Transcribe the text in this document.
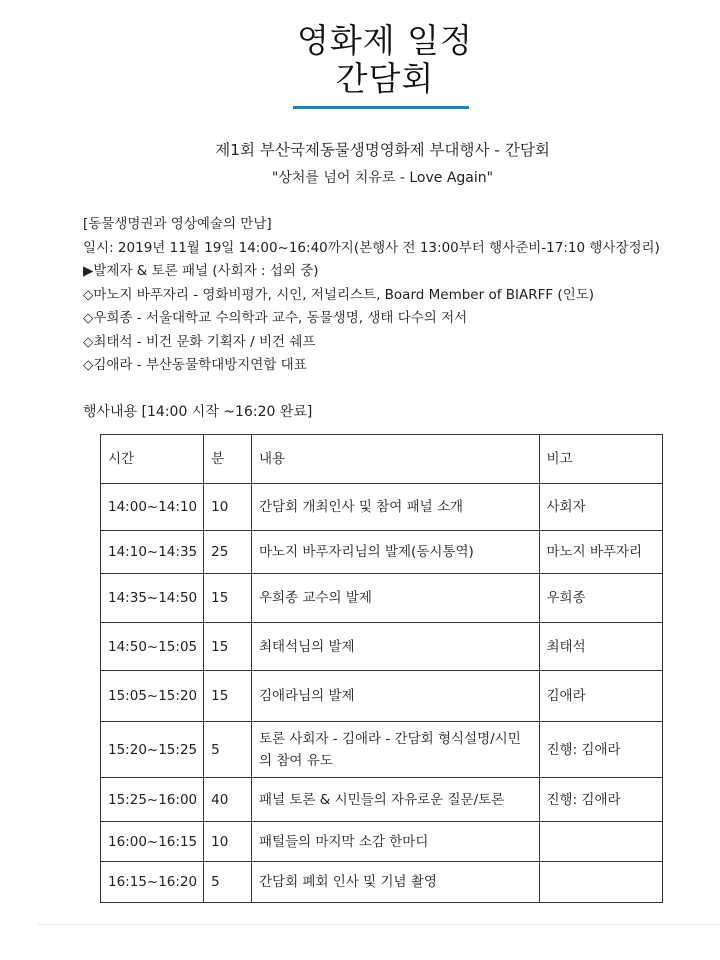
영화제 일정
간담회
제1회 부산국제동물생명영화제 부대행사 - 간담회
"상처를 넘어 치유로 - Love Again"
[동물생명권과 영상예술의 만남]
일시: 2019년 11월 19일 14:00~16:40까지(본행사 전 13:00부터 행사준비-17:10 행사장정리)
▶발제자 & 토론 패널 (사회자 : 섭외 중)
◇마노지 바푸자리 - 영화비평가, 시인, 저널리스트, Board Member of BIARFF (인도)
◇우희종 - 서울대학교 수의학과 교수, 동물생명, 생태 다수의 저서
◇최태석 - 비건 문화 기획자 / 비건 쉐프
◇김애라 - 부산동물학대방지연합 대표
행사내용 [14:00 시작 ~16:20 완료]
시간	분	내용	비고
14:00~14:10	10	간담회 개최인사 및 참여 패널 소개	사회자
14:10~14:35	25	마노지 바푸자리님의 발제(동시통역)	마노지 바푸자리
14:35~14:50	15	우희종 교수의 발제	우희종
14:50~15:05	15	최태석님의 발제	최태석
15:05~15:20	15	김애라님의 발제	김애라
15:20~15:25	5	토론 사회자 - 김애라 - 간담회 형식설명/시민의 참여 유도	진행: 김애라
15:25~16:00	40	패널 토론 & 시민들의 자유로운 질문/토론	진행: 김애라
16:00~16:15	10	패털들의 마지막 소감 한마디	
16:15~16:20	5	간담회 폐회 인사 및 기념 촬영	
